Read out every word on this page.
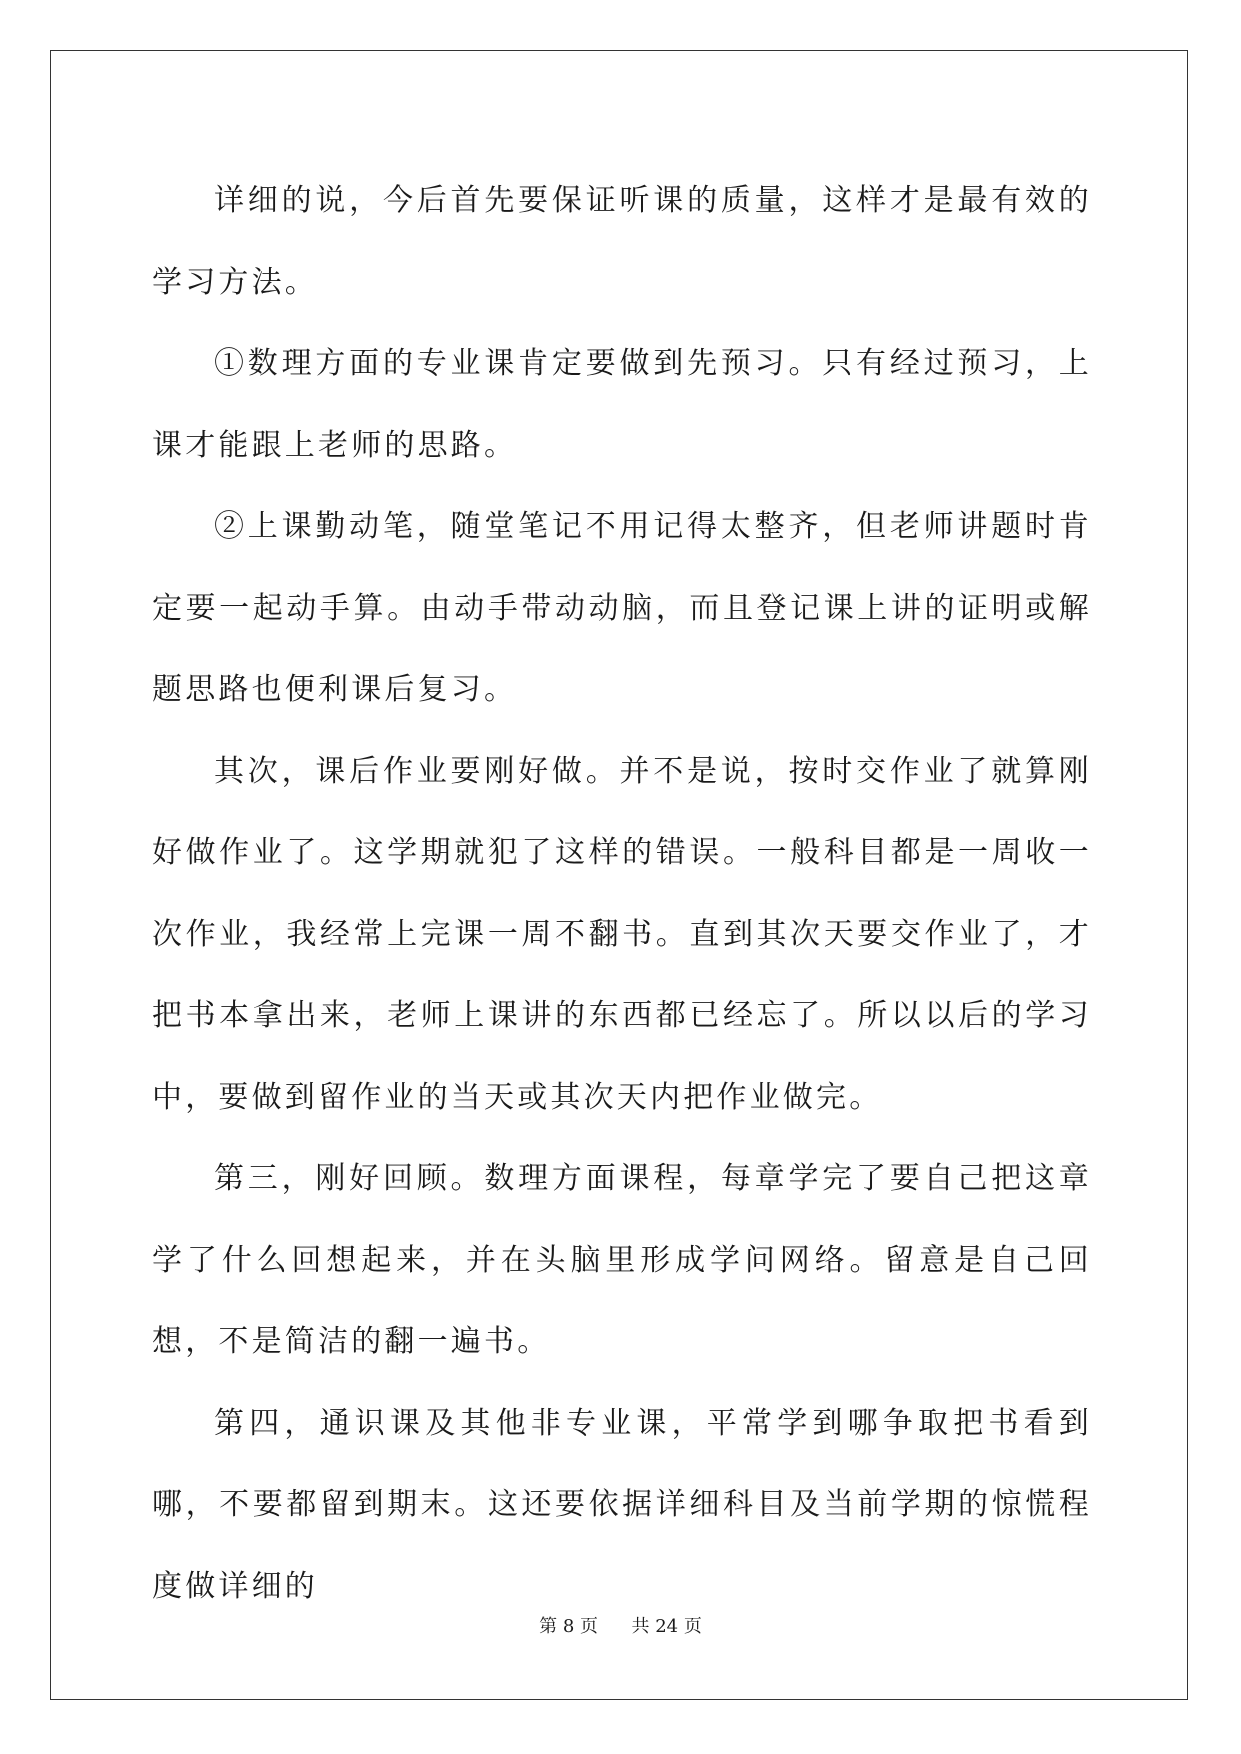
详细的说，今后首先要保证听课的质量，这样才是最有效的学习方法。

①数理方面的专业课肯定要做到先预习。只有经过预习，上课才能跟上老师的思路。

②上课勤动笔，随堂笔记不用记得太整齐，但老师讲题时肯定要一起动手算。由动手带动动脑，而且登记课上讲的证明或解题思路也便利课后复习。

其次，课后作业要刚好做。并不是说，按时交作业了就算刚好做作业了。这学期就犯了这样的错误。一般科目都是一周收一次作业，我经常上完课一周不翻书。直到其次天要交作业了，才把书本拿出来，老师上课讲的东西都已经忘了。所以以后的学习中，要做到留作业的当天或其次天内把作业做完。

第三，刚好回顾。数理方面课程，每章学完了要自己把这章学了什么回想起来，并在头脑里形成学问网络。留意是自己回想，不是简洁的翻一遍书。

第四，通识课及其他非专业课，平常学到哪争取把书看到哪，不要都留到期末。这还要依据详细科目及当前学期的惊慌程度做详细的

第 8 页 共 24 页
